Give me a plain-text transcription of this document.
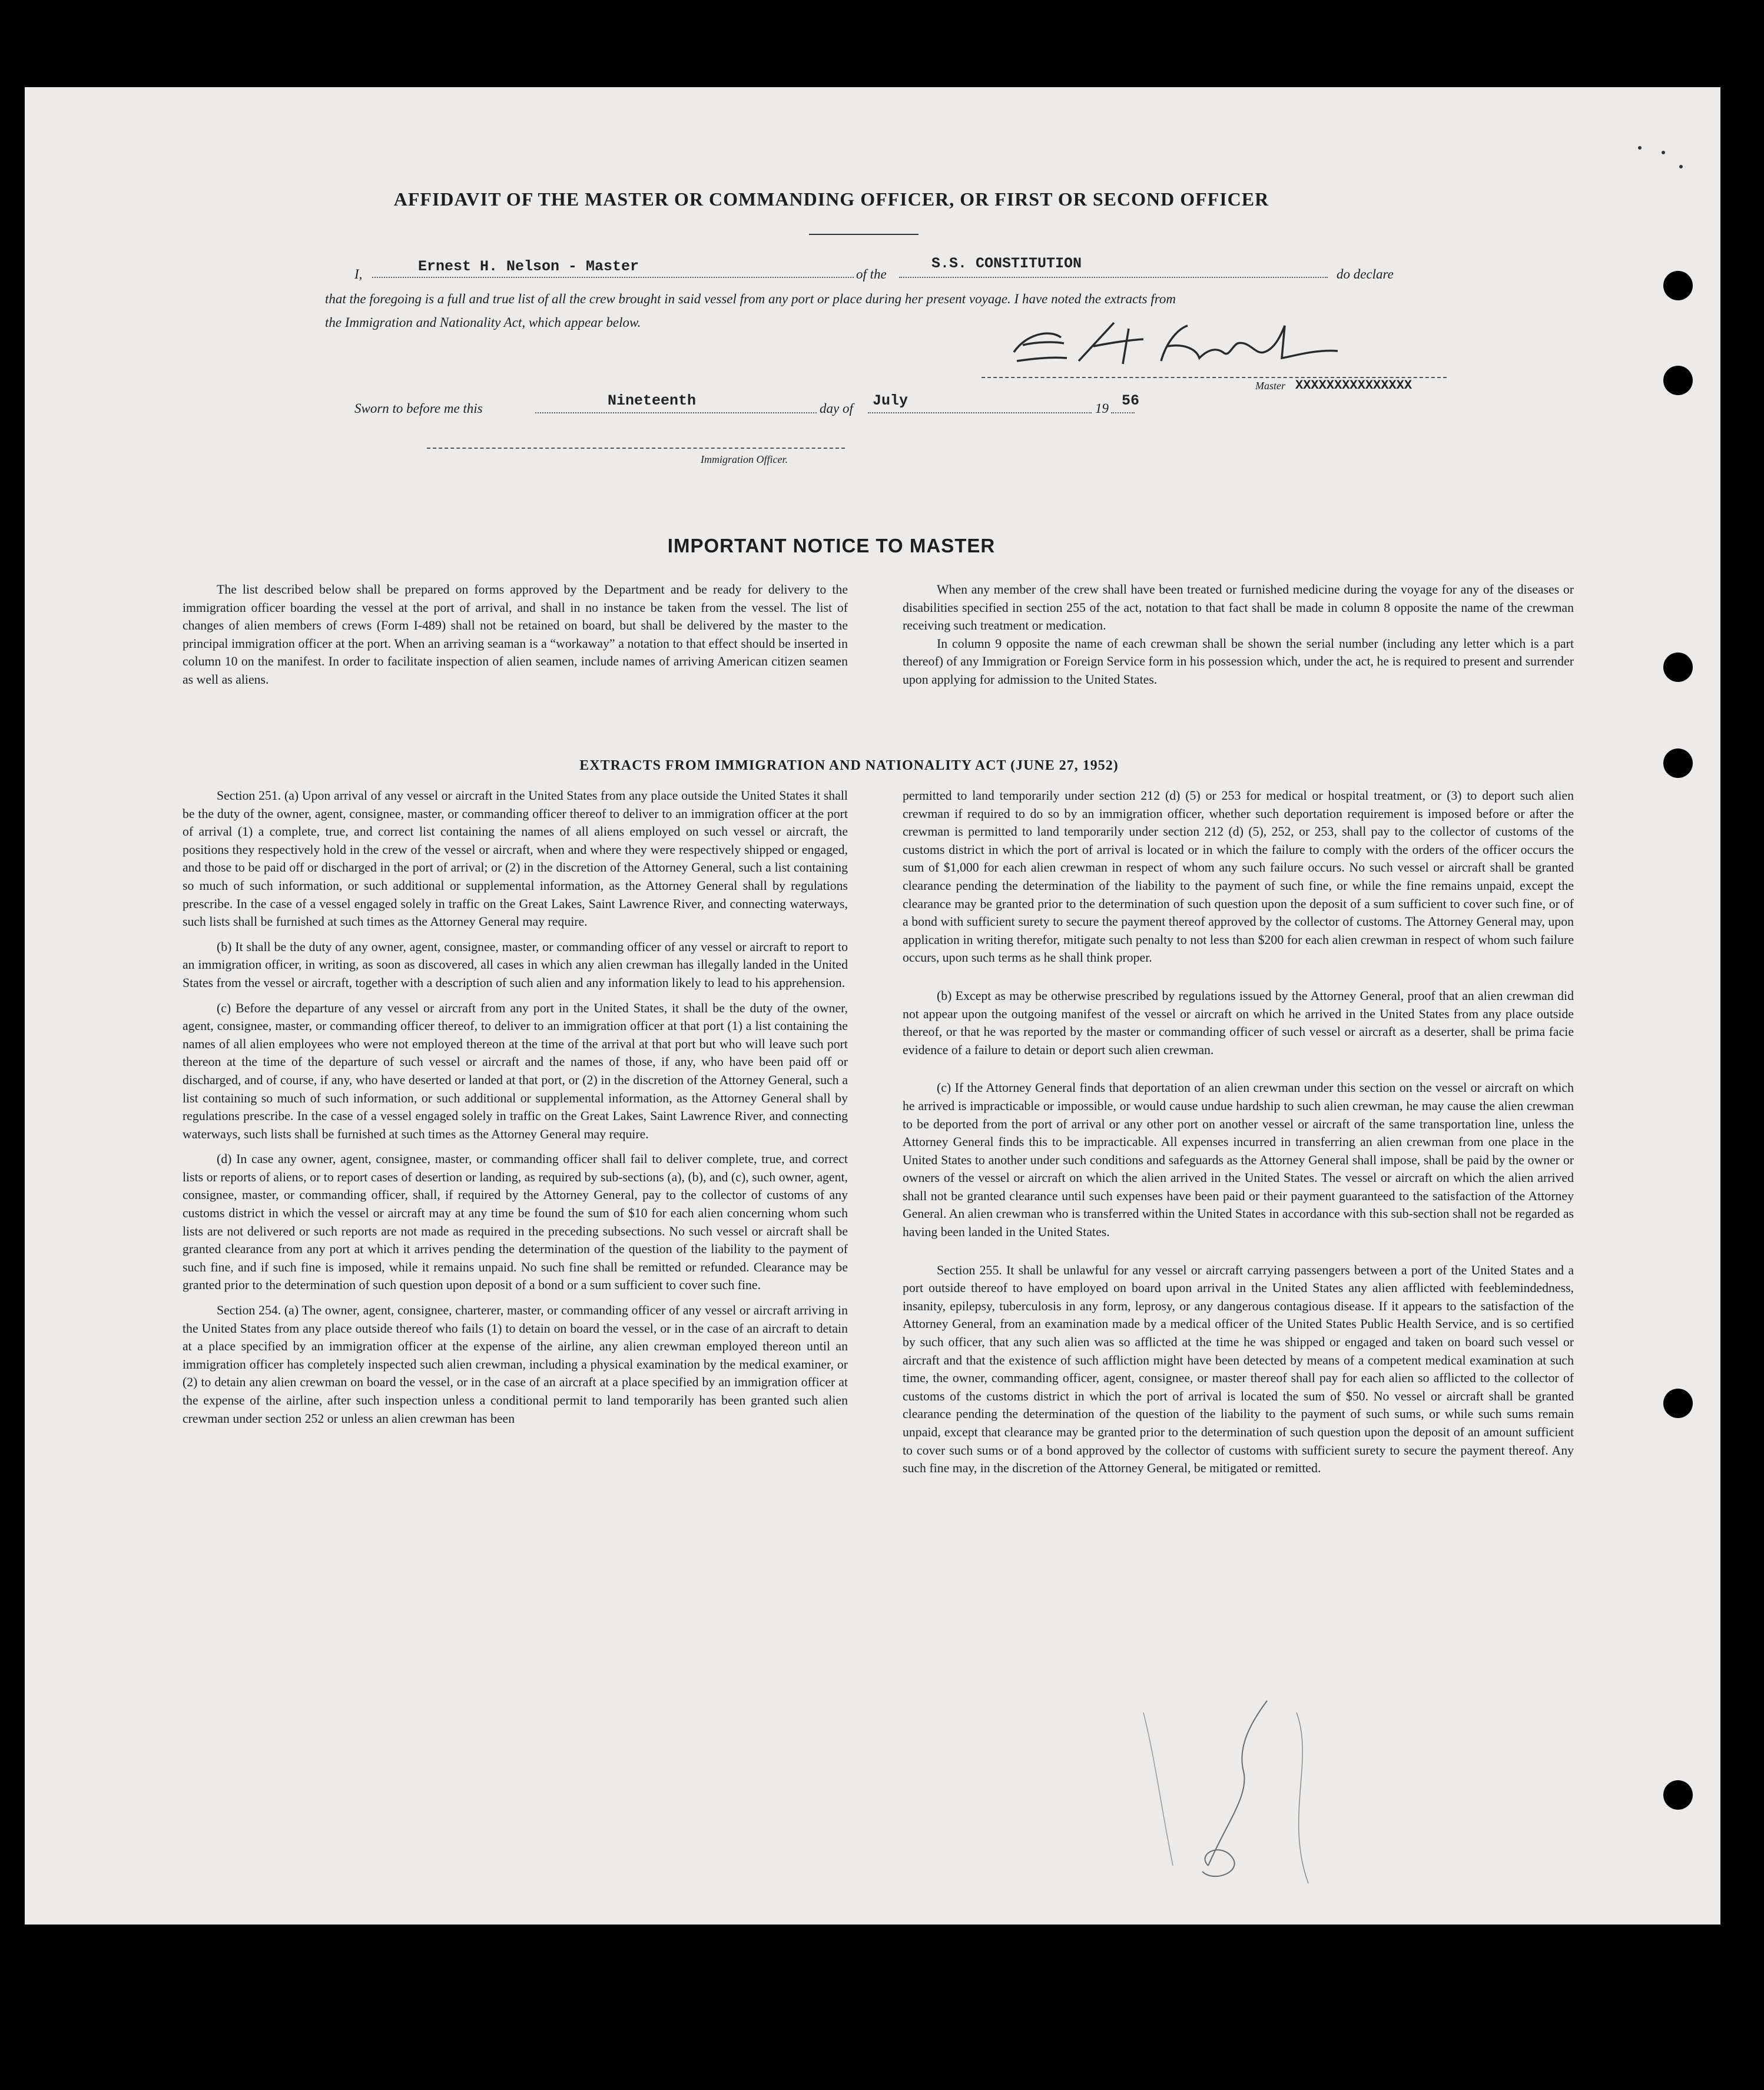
AFFIDAVIT OF THE MASTER OR COMMANDING OFFICER, OR FIRST OR SECOND OFFICER
I,	Ernest H. Nelson - Master	of the
S.S. CONSTITUTION
do declare
that the foregoing is a full and true list of all the crew brought in said vessel from any port or place during her present voyage. I have noted the extracts from
the Immigration and Nationality Act, which appear below.
Master XXXXXXXXXXXXXXX
Sworn to before me this	Nineteenth	day of July	19 56
Immigration Officer.
IMPORTANT NOTICE TO MASTER

The list described below shall be prepared on forms approved by the Department and be ready for delivery to the immigration officer boarding the vessel at the port of arrival, and shall in no instance be taken from the vessel. The list of changes of alien members of crews (Form I-489) shall not be retained on board, but shall be delivered by the master to the principal immigration officer at the port. When an arriving seaman is a “workaway” a notation to that effect should be inserted in column 10 on the manifest. In order to facilitate inspection of alien seamen, include names of arriving American citizen seamen as well as aliens.

When any member of the crew shall have been treated or furnished medicine during the voyage for any of the diseases or disabilities specified in section 255 of the act, notation to that fact shall be made in column 8 opposite the name of the crewman receiving such treatment or medication.

In column 9 opposite the name of each crewman shall be shown the serial number (including any letter which is a part thereof) of any Immigration or Foreign Service form in his possession which, under the act, he is required to present and surrender upon applying for admission to the United States.

EXTRACTS FROM IMMIGRATION AND NATIONALITY ACT (JUNE 27, 1952)

Section 251. (a) Upon arrival of any vessel or aircraft in the United States from any place outside the United States it shall be the duty of the owner, agent, consignee, master, or commanding officer thereof to deliver to an immigration officer at the port of arrival (1) a complete, true, and correct list containing the names of all aliens employed on such vessel or aircraft, the positions they respectively hold in the crew of the vessel or aircraft, when and where they were respectively shipped or engaged, and those to be paid off or discharged in the port of arrival; or (2) in the discretion of the Attorney General, such a list containing so much of such information, or such additional or supplemental information, as the Attorney General shall by regulations prescribe. In the case of a vessel engaged solely in traffic on the Great Lakes, Saint Lawrence River, and connecting waterways, such lists shall be furnished at such times as the Attorney General may require.

(b) It shall be the duty of any owner, agent, consignee, master, or commanding officer of any vessel or aircraft to report to an immigration officer, in writing, as soon as discovered, all cases in which any alien crewman has illegally landed in the United States from the vessel or aircraft, together with a description of such alien and any information likely to lead to his apprehension.

(c) Before the departure of any vessel or aircraft from any port in the United States, it shall be the duty of the owner, agent, consignee, master, or commanding officer thereof, to deliver to an immigration officer at that port (1) a list containing the names of all alien employees who were not employed thereon at the time of the arrival at that port but who will leave such port thereon at the time of the departure of such vessel or aircraft and the names of those, if any, who have been paid off or discharged, and of course, if any, who have deserted or landed at that port, or (2) in the discretion of the Attorney General, such a list containing so much of such information, or such additional or supplemental information, as the Attorney General shall by regulations prescribe. In the case of a vessel engaged solely in traffic on the Great Lakes, Saint Lawrence River, and connecting waterways, such lists shall be furnished at such times as the Attorney General may require.

(d) In case any owner, agent, consignee, master, or commanding officer shall fail to deliver complete, true, and correct lists or reports of aliens, or to report cases of desertion or landing, as required by sub-sections (a), (b), and (c), such owner, agent, consignee, master, or commanding officer, shall, if required by the Attorney General, pay to the collector of customs of any customs district in which the vessel or aircraft may at any time be found the sum of $10 for each alien concerning whom such lists are not delivered or such reports are not made as required in the preceding subsections. No such vessel or aircraft shall be granted clearance from any port at which it arrives pending the determination of the question of the liability to the payment of such fine, and if such fine is imposed, while it remains unpaid. No such fine shall be remitted or refunded. Clearance may be granted prior to the determination of such question upon deposit of a bond or a sum sufficient to cover such fine.

Section 254. (a) The owner, agent, consignee, charterer, master, or commanding officer of any vessel or aircraft arriving in the United States from any place outside thereof who fails (1) to detain on board the vessel, or in the case of an aircraft to detain at a place specified by an immigration officer at the expense of the airline, any alien crewman employed thereon until an immigration officer has completely inspected such alien crewman, including a physical examination by the medical examiner, or (2) to detain any alien crewman on board the vessel, or in the case of an aircraft at a place specified by an immigration officer at the expense of the airline, after such inspection unless a conditional permit to land temporarily has been granted such alien crewman under section 252 or unless an alien crewman has been

permitted to land temporarily under section 212 (d) (5) or 253 for medical or hospital treatment, or (3) to deport such alien crewman if required to do so by an immigration officer, whether such deportation requirement is imposed before or after the crewman is permitted to land temporarily under section 212 (d) (5), 252, or 253, shall pay to the collector of customs of the customs district in which the port of arrival is located or in which the failure to comply with the orders of the officer occurs the sum of $1,000 for each alien crewman in respect of whom any such failure occurs. No such vessel or aircraft shall be granted clearance pending the determination of the liability to the payment of such fine, or while the fine remains unpaid, except the clearance may be granted prior to the determination of such question upon the deposit of a sum sufficient to cover such fine, or of a bond with sufficient surety to secure the payment thereof approved by the collector of customs. The Attorney General may, upon application in writing therefor, mitigate such penalty to not less than $200 for each alien crewman in respect of whom such failure occurs, upon such terms as he shall think proper.

(b) Except as may be otherwise prescribed by regulations issued by the Attorney General, proof that an alien crewman did not appear upon the outgoing manifest of the vessel or aircraft on which he arrived in the United States from any place outside thereof, or that he was reported by the master or commanding officer of such vessel or aircraft as a deserter, shall be prima facie evidence of a failure to detain or deport such alien crewman.

(c) If the Attorney General finds that deportation of an alien crewman under this section on the vessel or aircraft on which he arrived is impracticable or impossible, or would cause undue hardship to such alien crewman, he may cause the alien crewman to be deported from the port of arrival or any other port on another vessel or aircraft of the same transportation line, unless the Attorney General finds this to be impracticable. All expenses incurred in transferring an alien crewman from one place in the United States to another under such conditions and safeguards as the Attorney General shall impose, shall be paid by the owner or owners of the vessel or aircraft on which the alien arrived in the United States. The vessel or aircraft on which the alien arrived shall not be granted clearance until such expenses have been paid or their payment guaranteed to the satisfaction of the Attorney General. An alien crewman who is transferred within the United States in accordance with this sub-section shall not be regarded as having been landed in the United States.

Section 255. It shall be unlawful for any vessel or aircraft carrying passengers between a port of the United States and a port outside thereof to have employed on board upon arrival in the United States any alien afflicted with feeblemindedness, insanity, epilepsy, tuberculosis in any form, leprosy, or any dangerous contagious disease. If it appears to the satisfaction of the Attorney General, from an examination made by a medical officer of the United States Public Health Service, and is so certified by such officer, that any such alien was so afflicted at the time he was shipped or engaged and taken on board such vessel or aircraft and that the existence of such affliction might have been detected by means of a competent medical examination at such time, the owner, commanding officer, agent, consignee, or master thereof shall pay for each alien so afflicted to the collector of customs of the customs district in which the port of arrival is located the sum of $50. No vessel or aircraft shall be granted clearance pending the determination of the question of the liability to the payment of such sums, or while such sums remain unpaid, except that clearance may be granted prior to the determination of such question upon the deposit of an amount sufficient to cover such sums or of a bond approved by the collector of customs with sufficient surety to secure the payment thereof. Any such fine may, in the discretion of the Attorney General, be mitigated or remitted.
